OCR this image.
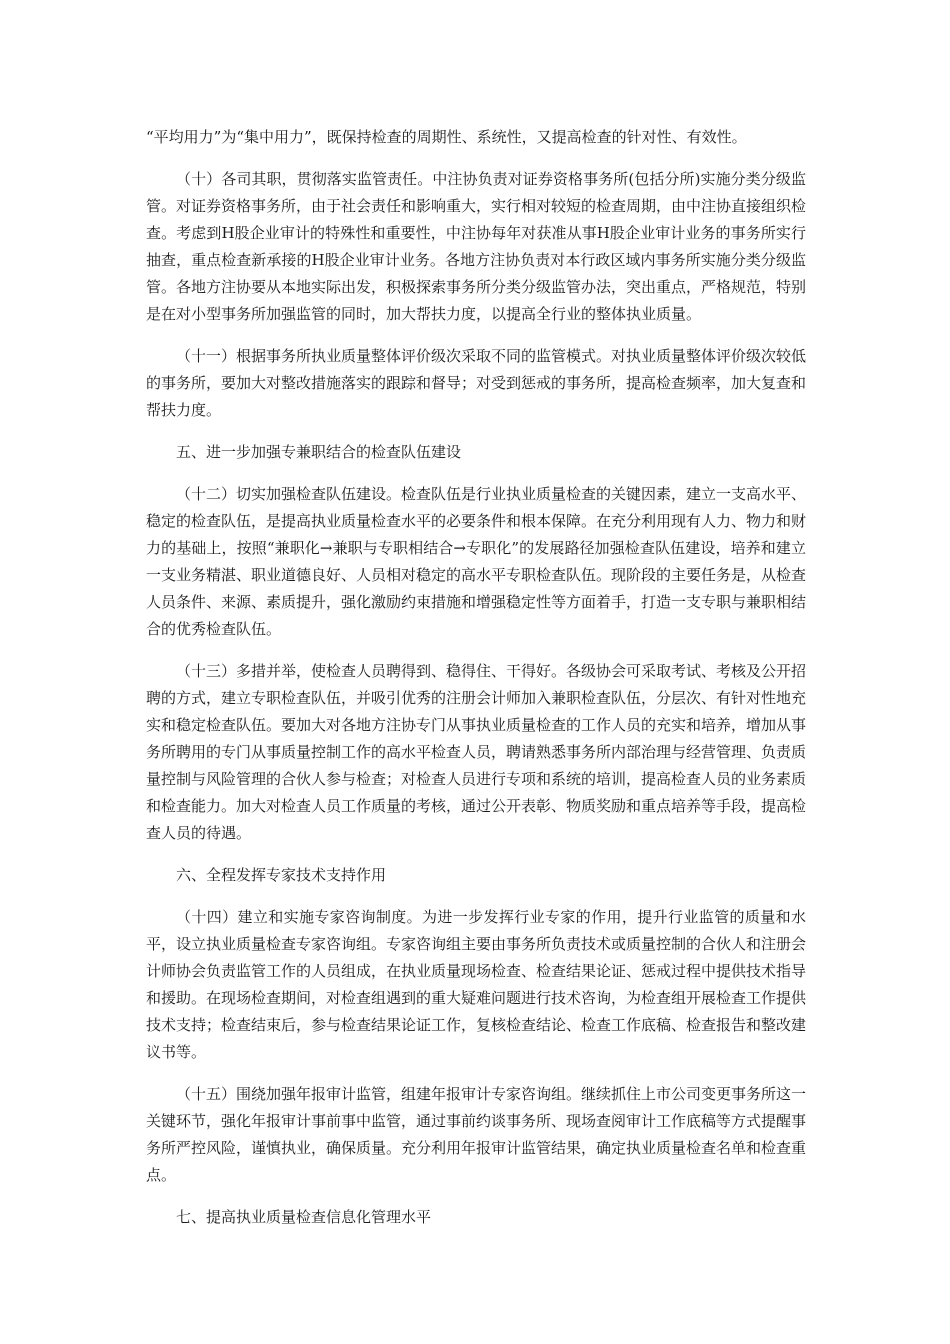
“平均用力”为“集中用力”，既保持检查的周期性、系统性，又提高检查的针对性、有效性。

（十）各司其职，贯彻落实监管责任。中注协负责对证券资格事务所(包括分所)实施分类分级监管。对证券资格事务所，由于社会责任和影响重大，实行相对较短的检查周期，由中注协直接组织检查。考虑到H股企业审计的特殊性和重要性，中注协每年对获准从事H股企业审计业务的事务所实行抽查，重点检查新承接的H股企业审计业务。各地方注协负责对本行政区域内事务所实施分类分级监管。各地方注协要从本地实际出发，积极探索事务所分类分级监管办法，突出重点，严格规范，特别是在对小型事务所加强监管的同时，加大帮扶力度，以提高全行业的整体执业质量。

（十一）根据事务所执业质量整体评价级次采取不同的监管模式。对执业质量整体评价级次较低的事务所，要加大对整改措施落实的跟踪和督导；对受到惩戒的事务所，提高检查频率，加大复查和帮扶力度。

五、进一步加强专兼职结合的检查队伍建设

（十二）切实加强检查队伍建设。检查队伍是行业执业质量检查的关键因素，建立一支高水平、稳定的检查队伍，是提高执业质量检查水平的必要条件和根本保障。在充分利用现有人力、物力和财力的基础上，按照“兼职化→兼职与专职相结合→专职化”的发展路径加强检查队伍建设，培养和建立一支业务精湛、职业道德良好、人员相对稳定的高水平专职检查队伍。现阶段的主要任务是，从检查人员条件、来源、素质提升，强化激励约束措施和增强稳定性等方面着手，打造一支专职与兼职相结合的优秀检查队伍。

（十三）多措并举，使检查人员聘得到、稳得住、干得好。各级协会可采取考试、考核及公开招聘的方式，建立专职检查队伍，并吸引优秀的注册会计师加入兼职检查队伍，分层次、有针对性地充实和稳定检查队伍。要加大对各地方注协专门从事执业质量检查的工作人员的充实和培养，增加从事务所聘用的专门从事质量控制工作的高水平检查人员，聘请熟悉事务所内部治理与经营管理、负责质量控制与风险管理的合伙人参与检查；对检查人员进行专项和系统的培训，提高检查人员的业务素质和检查能力。加大对检查人员工作质量的考核，通过公开表彰、物质奖励和重点培养等手段，提高检查人员的待遇。

六、全程发挥专家技术支持作用

（十四）建立和实施专家咨询制度。为进一步发挥行业专家的作用，提升行业监管的质量和水平，设立执业质量检查专家咨询组。专家咨询组主要由事务所负责技术或质量控制的合伙人和注册会计师协会负责监管工作的人员组成，在执业质量现场检查、检查结果论证、惩戒过程中提供技术指导和援助。在现场检查期间，对检查组遇到的重大疑难问题进行技术咨询，为检查组开展检查工作提供技术支持；检查结束后，参与检查结果论证工作，复核检查结论、检查工作底稿、检查报告和整改建议书等。

（十五）围绕加强年报审计监管，组建年报审计专家咨询组。继续抓住上市公司变更事务所这一关键环节，强化年报审计事前事中监管，通过事前约谈事务所、现场查阅审计工作底稿等方式提醒事务所严控风险，谨慎执业，确保质量。充分利用年报审计监管结果，确定执业质量检查名单和检查重点。

七、提高执业质量检查信息化管理水平
